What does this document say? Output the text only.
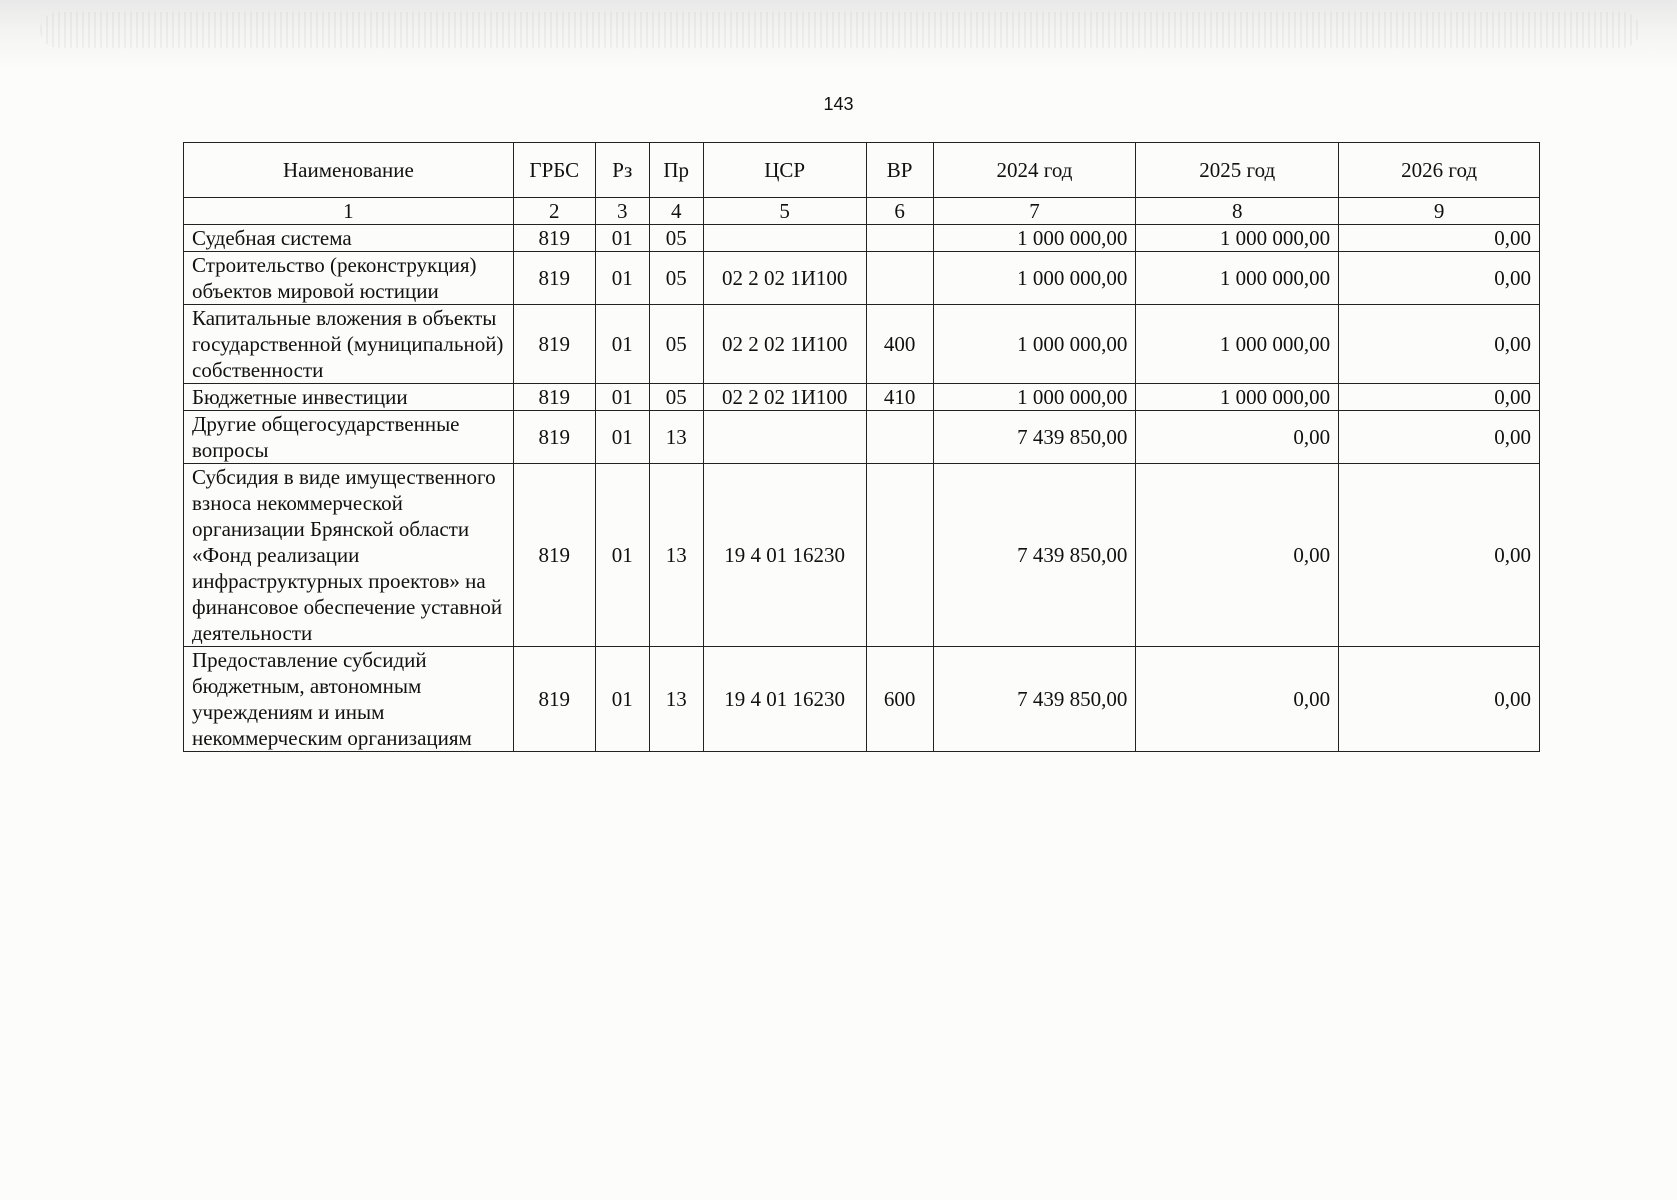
143
Наименование	ГРБС	Рз	Пр	ЦСР	ВР	2024 год	2025 год	2026 год
1	2	3	4	5	6	7	8	9
Судебная система	819	01	05			1 000 000,00	1 000 000,00	0,00
Строительство (реконструкция) объектов мировой юстиции	819	01	05	02 2 02 1И100		1 000 000,00	1 000 000,00	0,00
Капитальные вложения в объекты государственной (муниципальной) собственности	819	01	05	02 2 02 1И100	400	1 000 000,00	1 000 000,00	0,00
Бюджетные инвестиции	819	01	05	02 2 02 1И100	410	1 000 000,00	1 000 000,00	0,00
Другие общегосударственные вопросы	819	01	13			7 439 850,00	0,00	0,00
Субсидия в виде имущественного взноса некоммерческой организации Брянской области «Фонд реализации инфраструктурных проектов» на финансовое обеспечение уставной деятельности	819	01	13	19 4 01 16230		7 439 850,00	0,00	0,00
Предоставление субсидий бюджетным, автономным учреждениям и иным некоммерческим организациям	819	01	13	19 4 01 16230	600	7 439 850,00	0,00	0,00
